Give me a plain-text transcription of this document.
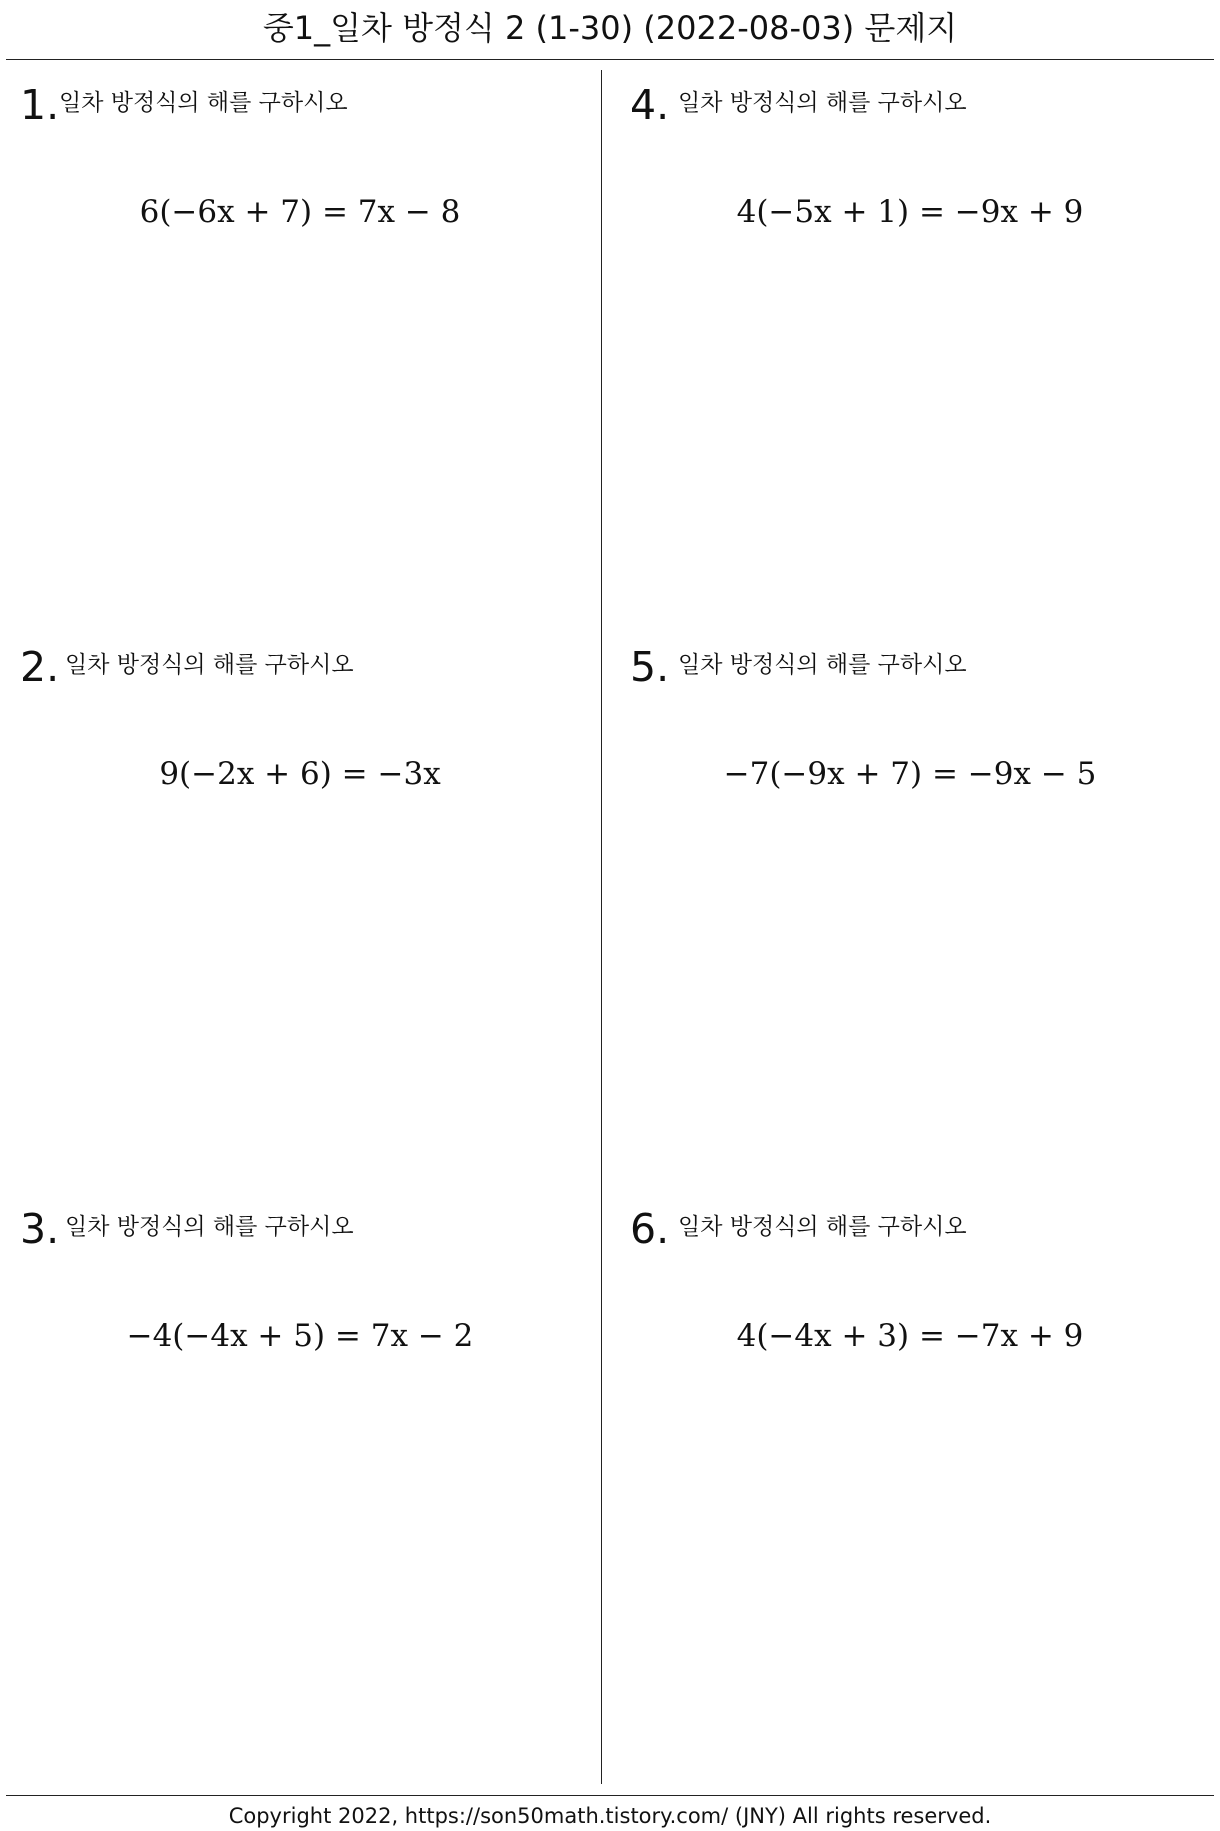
중1_일차 방정식 2 (1-30) (2022-08-03) 문제지
1. 일차 방정식의 해를 구하시오
6(−6x + 7) = 7x − 8
2. 일차 방정식의 해를 구하시오
9(−2x + 6) = −3x
3. 일차 방정식의 해를 구하시오
−4(−4x + 5) = 7x − 2
4. 일차 방정식의 해를 구하시오
4(−5x + 1) = −9x + 9
5. 일차 방정식의 해를 구하시오
−7(−9x + 7) = −9x − 5
6. 일차 방정식의 해를 구하시오
4(−4x + 3) = −7x + 9
Copyright 2022, https://son50math.tistory.com/ (JNY) All rights reserved.
